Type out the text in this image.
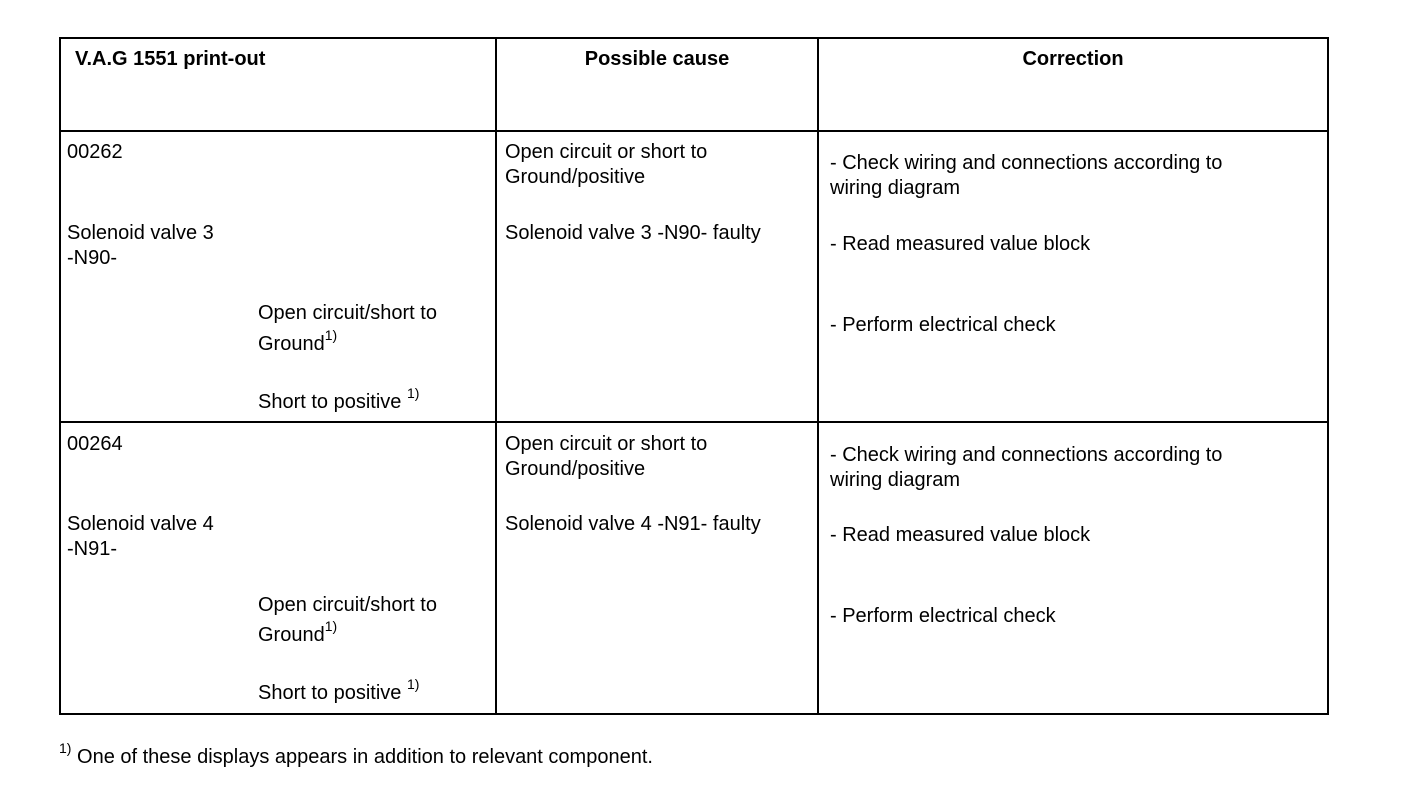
V.A.G 1551 print-out	Possible cause	Correction
00262
Solenoid valve 3
-N90-
Open circuit/short to
Ground$^{1)}$
Short to positive $^{1)}$
Open circuit or short to
Ground/positive
Solenoid valve 3 -N90- faulty
- Check wiring and connections according to
wiring diagram
- Read measured value block
- Perform electrical check
00264
Solenoid valve 4
-N91-
Open circuit/short to
Ground$^{1)}$
Short to positive $^{1)}$
Open circuit or short to
Ground/positive
Solenoid valve 4 -N91- faulty
- Check wiring and connections according to
wiring diagram
- Read measured value block
- Perform electrical check
$^{1)}$ One of these displays appears in addition to relevant component.
